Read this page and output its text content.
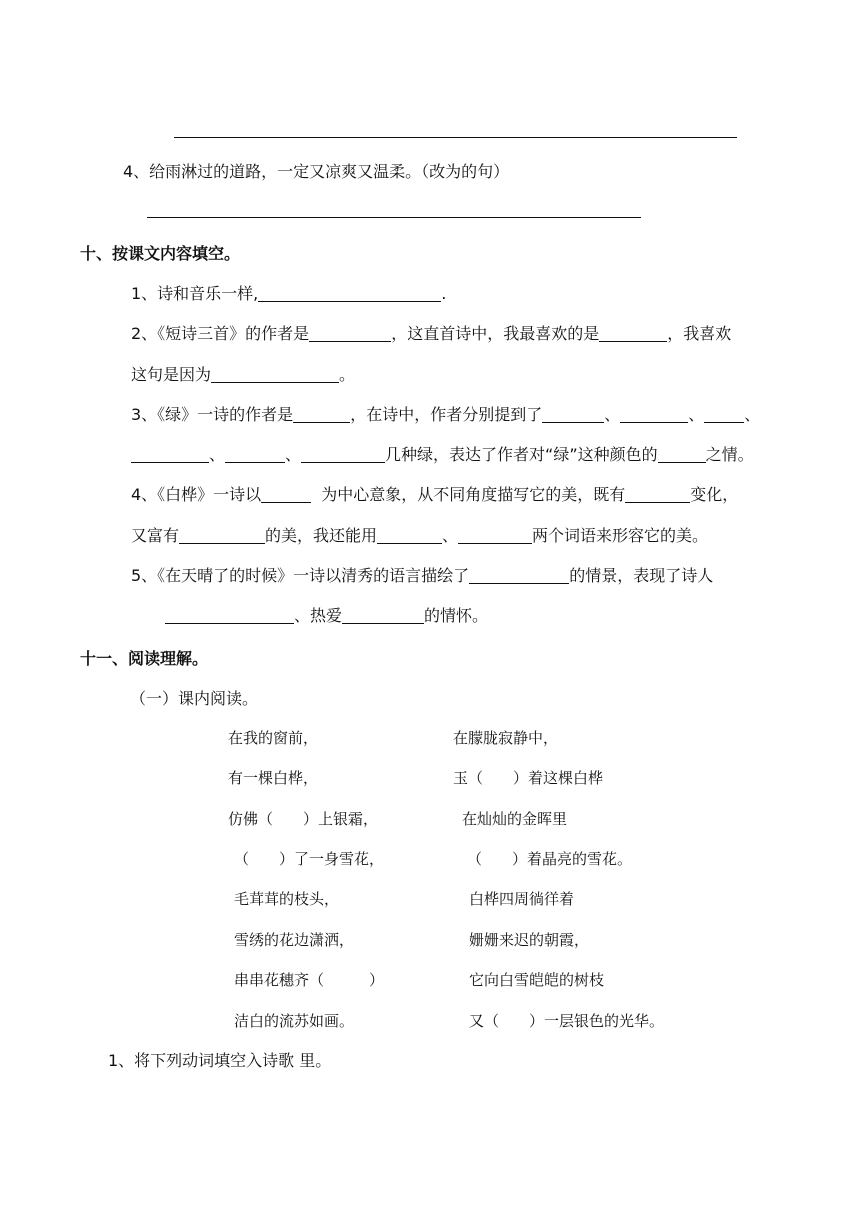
4、给雨淋过的道路，一定又凉爽又温柔。（改为的句）
十、按课文内容填空。
1、诗和音乐一样,	.
2、《短诗三首》的作者是	，这直首诗中，我最喜欢的是	，我喜欢
这句是因为	。
3、《绿》一诗的作者是	，在诗中，作者分别提到了	、	、	、
、	、	几种绿，表达了作者对“绿”这种颜色的	之情。
4、《白桦》一诗以	为中心意象，从不同角度描写它的美，既有	变化，
又富有	的美，我还能用	、	两个词语来形容它的美。
5、《在天晴了的时候》一诗以清秀的语言描绘了	的情景，表现了诗人
、热爱	的情怀。
十一、阅读理解。
（一）课内阅读。
在我的窗前，
有一棵白桦，
仿佛（　　）上银霜，
（　　）了一身雪花，
毛茸茸的枝头，
雪绣的花边潇洒，
串串花穗齐（　　　）
洁白的流苏如画。
在朦胧寂静中，
玉（　　）着这棵白桦
在灿灿的金晖里
（　　）着晶亮的雪花。
白桦四周徜徉着
姗姗来迟的朝霞，
它向白雪皑皑的树枝
又（　　）一层银色的光华。
1、将下列动词填空入诗歌 里。
